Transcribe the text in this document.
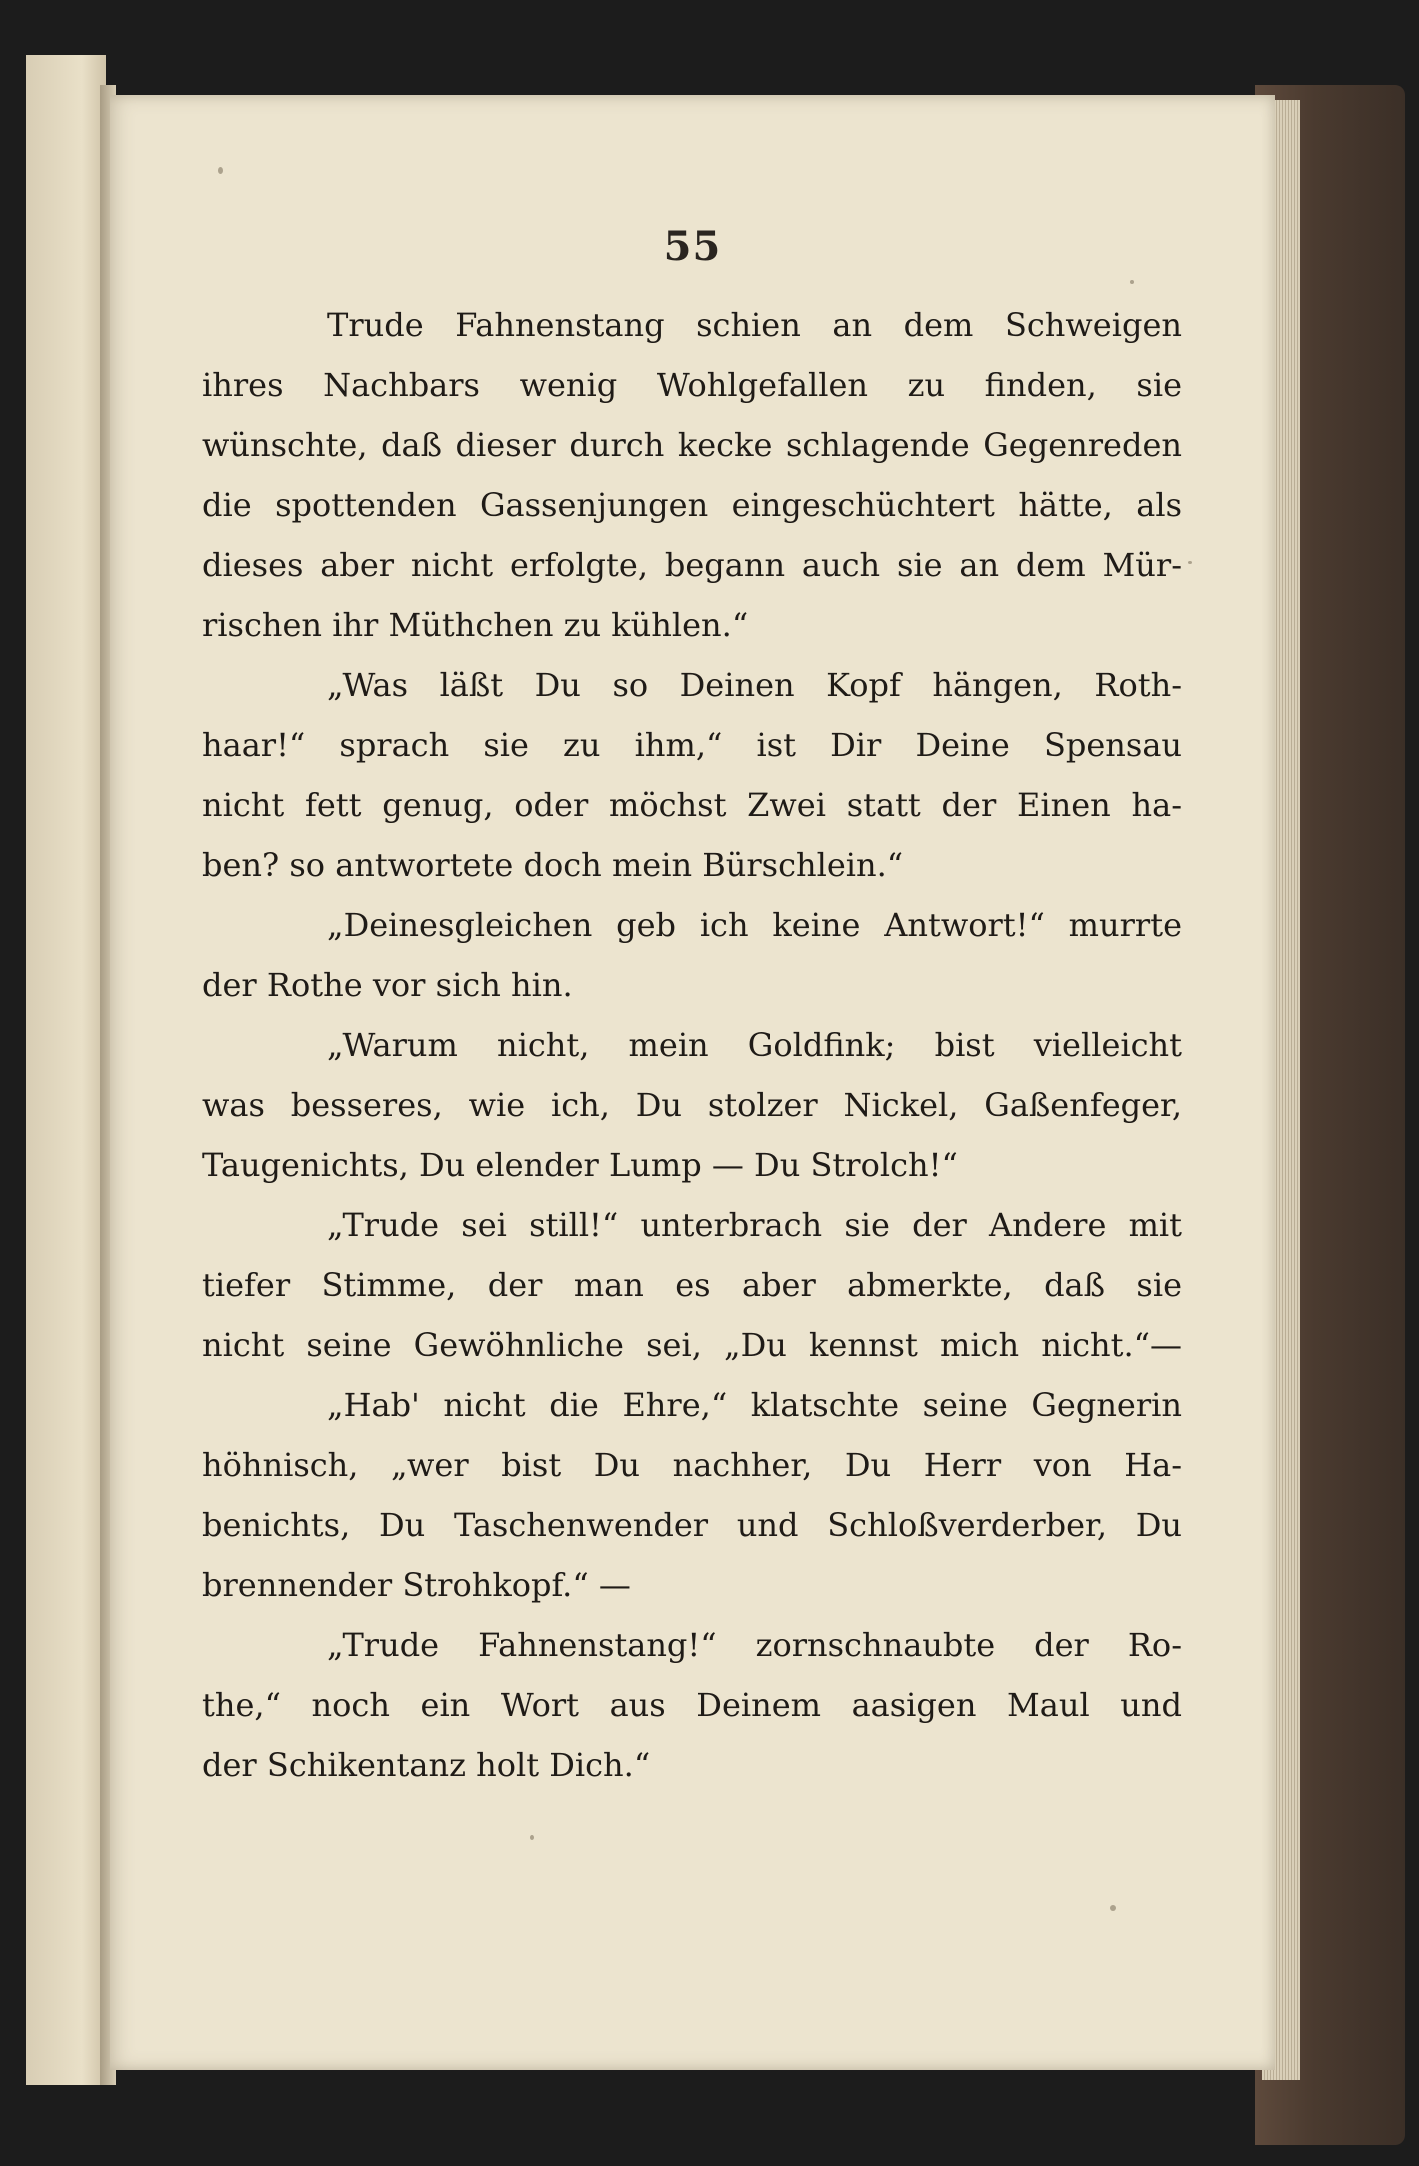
55
Trude Fahnenstang schien an dem Schweigen
ihres Nachbars wenig Wohlgefallen zu finden, sie
wünschte, daß dieser durch kecke schlagende Gegenreden
die spottenden Gassenjungen eingeschüchtert hätte, als
dieses aber nicht erfolgte, begann auch sie an dem Mür-
rischen ihr Müthchen zu kühlen.“
„Was läßt Du so Deinen Kopf hängen, Roth-
haar!“ sprach sie zu ihm,“ ist Dir Deine Spensau
nicht fett genug, oder möchst Zwei statt der Einen ha-
ben? so antwortete doch mein Bürschlein.“
„Deinesgleichen geb ich keine Antwort!“ murrte
der Rothe vor sich hin.
„Warum nicht, mein Goldfink; bist vielleicht
was besseres, wie ich, Du stolzer Nickel, Gaßenfeger,
Taugenichts, Du elender Lump — Du Strolch!“
„Trude sei still!“ unterbrach sie der Andere mit
tiefer Stimme, der man es aber abmerkte, daß sie
nicht seine Gewöhnliche sei, „Du kennst mich nicht.“—
„Hab' nicht die Ehre,“ klatschte seine Gegnerin
höhnisch, „wer bist Du nachher, Du Herr von Ha-
benichts, Du Taschenwender und Schloßverderber, Du
brennender Strohkopf.“ —
„Trude Fahnenstang!“ zornschnaubte der Ro-
the,“ noch ein Wort aus Deinem aasigen Maul und
der Schikentanz holt Dich.“
